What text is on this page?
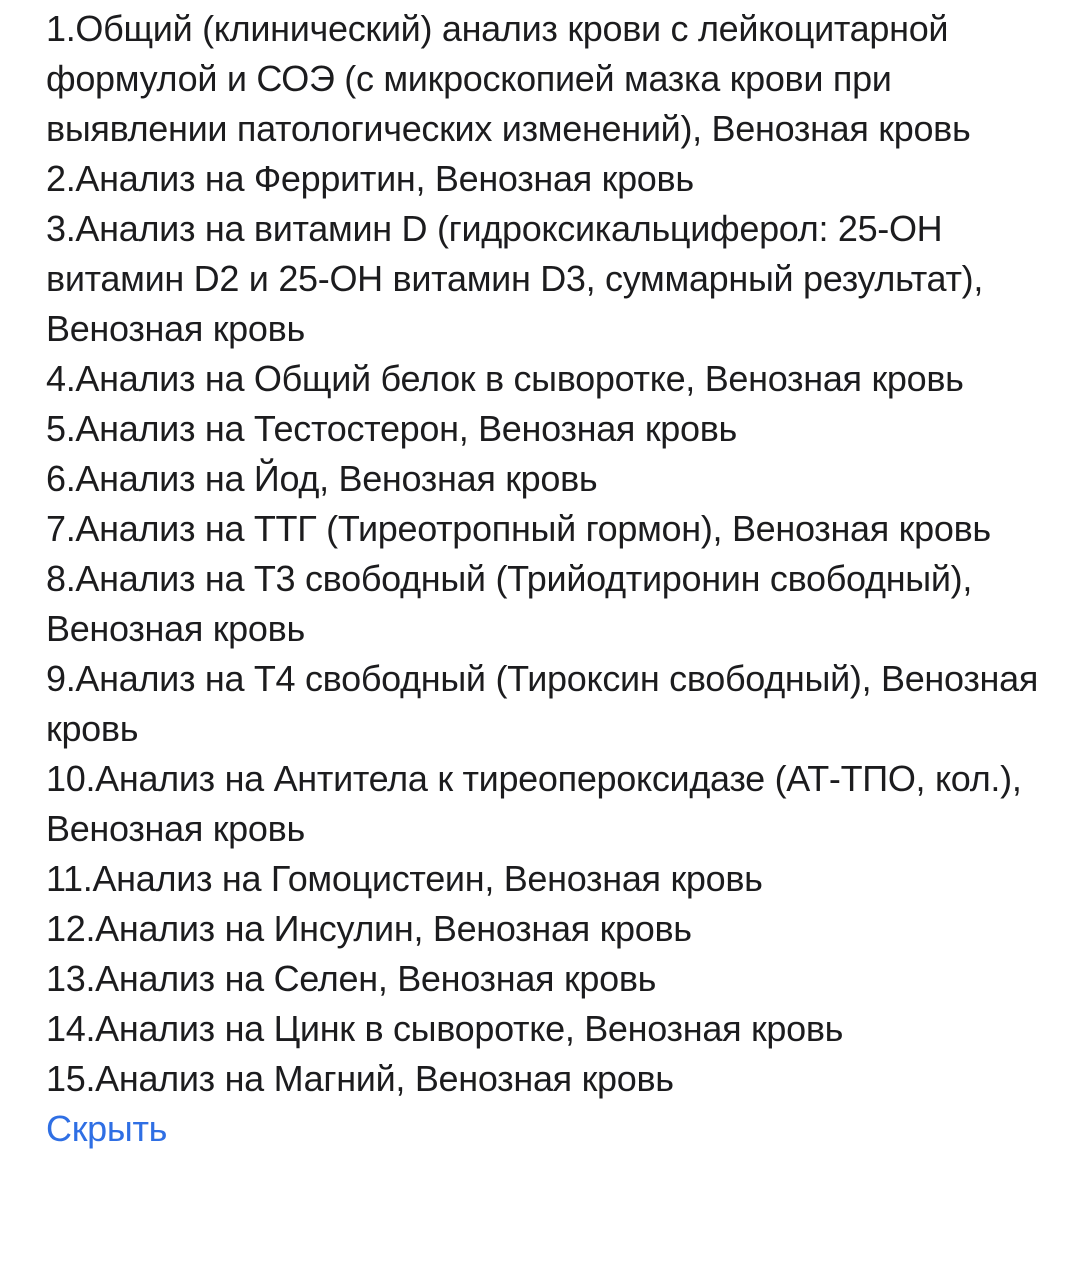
1.Общий (клинический) анализ крови с лейкоцитарной формулой и СОЭ (с микроскопией мазка крови при выявлении патологических изменений), Венозная кровь
2.Анализ на Ферритин, Венозная кровь
3.Анализ на витамин D (гидроксикальциферол: 25-ОН витамин D2 и 25-ОН витамин D3, суммарный результат), Венозная кровь
4.Анализ на Общий белок в сыворотке, Венозная кровь
5.Анализ на Тестостерон, Венозная кровь
6.Анализ на Йод, Венозная кровь
7.Анализ на ТТГ (Тиреотропный гормон), Венозная кровь
8.Анализ на Т3 свободный (Трийодтиронин свободный), Венозная кровь
9.Анализ на Т4 свободный (Тироксин свободный), Венозная кровь
10.Анализ на Антитела к тиреопероксидазе (АТ-ТПО, кол.), Венозная кровь
11.Анализ на Гомоцистеин, Венозная кровь
12.Анализ на Инсулин, Венозная кровь
13.Анализ на Селен, Венозная кровь
14.Анализ на Цинк в сыворотке, Венозная кровь
15.Анализ на Магний, Венозная кровь
Скрыть
